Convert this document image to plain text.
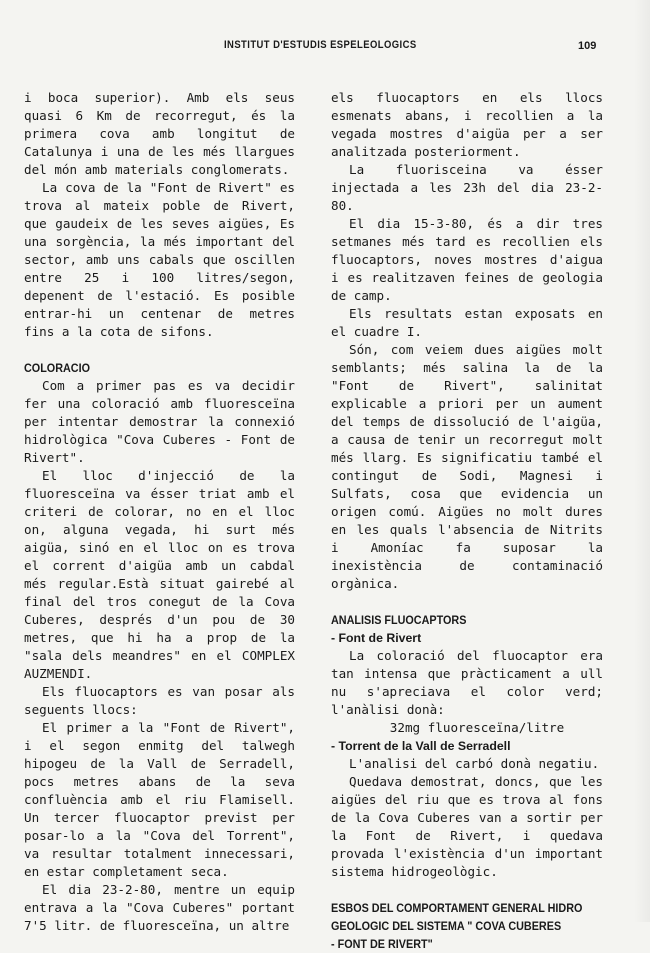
INSTITUT D'ESTUDIS ESPELEOLOGICS	109

i boca superior). Amb els seus quasi 6 Km de recorregut, és la primera cova amb longitut de Catalunya i una de les més llargues del món amb materials conglomerats.

La cova de la "Font de Rivert" es trova al mateix poble de Rivert, que gaudeix de les seves aigües, Es una sorgència, la més important del sector, amb uns cabals que oscillen entre 25 i 100 litres/segon, depenent de l'estació. Es posible entrar-hi un centenar de metres fins a la cota de sifons.

COLORACIO

Com a primer pas es va decidir fer una coloració amb fluoresceïna per intentar demostrar la connexió hidrològica "Cova Cuberes - Font de Rivert".

El lloc d'injecció de la fluoresceïna va ésser triat amb el criteri de colorar, no en el lloc on, alguna vegada, hi surt més aigüa, sinó en el lloc on es trova el corrent d'aigüa amb un cabdal més regular.Està situat gairebé al final del tros conegut de la Cova Cuberes, després d'un pou de 30 metres, que hi ha a prop de la "sala dels meandres" en el COMPLEX AUZMENDI.

Els fluocaptors es van posar als seguents llocs:

El primer a la "Font de Rivert", i el segon enmitg del talwegh hipogeu de la Vall de Serradell, pocs metres abans de la seva confluència amb el riu Flamisell. Un tercer fluocaptor previst per posar-lo a la "Cova del Torrent", va resultar totalment innecessari, en estar completament seca.

El dia 23-2-80, mentre un equip entrava a la "Cova Cuberes" portant 7'5 litr. de fluoresceïna, un altre

els fluocaptors en els llocs esmenats abans, i recollien a la vegada mostres d'aigüa per a ser analitzada posteriorment.

La fluorisceina va ésser injectada a les 23h del dia 23-2-80.

El dia 15-3-80, és a dir tres setmanes més tard es recollien els fluocaptors, noves mostres d'aigua i es realitzaven feines de geologia de camp.

Els resultats estan exposats en el cuadre I.

Són, com veiem dues aigües molt semblants; més salina la de la "Font de Rivert", salinitat explicable a priori per un aument del temps de dissolució de l'aigüa, a causa de tenir un recorregut molt més llarg. Es significatiu també el contingut de Sodi, Magnesi i Sulfats, cosa que evidencia un origen comú. Aigües no molt dures en les quals l'absencia de Nitrits i Amoníac fa suposar la inexistència de contaminació orgànica.

ANALISIS FLUOCAPTORS

- Font de Rivert

La coloració del fluocaptor era tan intensa que pràcticament a ull nu s'apreciava el color verd; l'anàlisi donà:

32mg fluoresceïna/litre

- Torrent de la Vall de Serradell

L'analisi del carbó donà negatiu.

Quedava demostrat, doncs, que les aigües del riu que es trova al fons de la Cova Cuberes van a sortir per la Font de Rivert, i quedava provada l'existència d'un important sistema hidrogeològic.

ESBOS DEL COMPORTAMENT GENERAL HIDRO

GEOLOGIC DEL SISTEMA " COVA CUBERES

- FONT DE RIVERT"
